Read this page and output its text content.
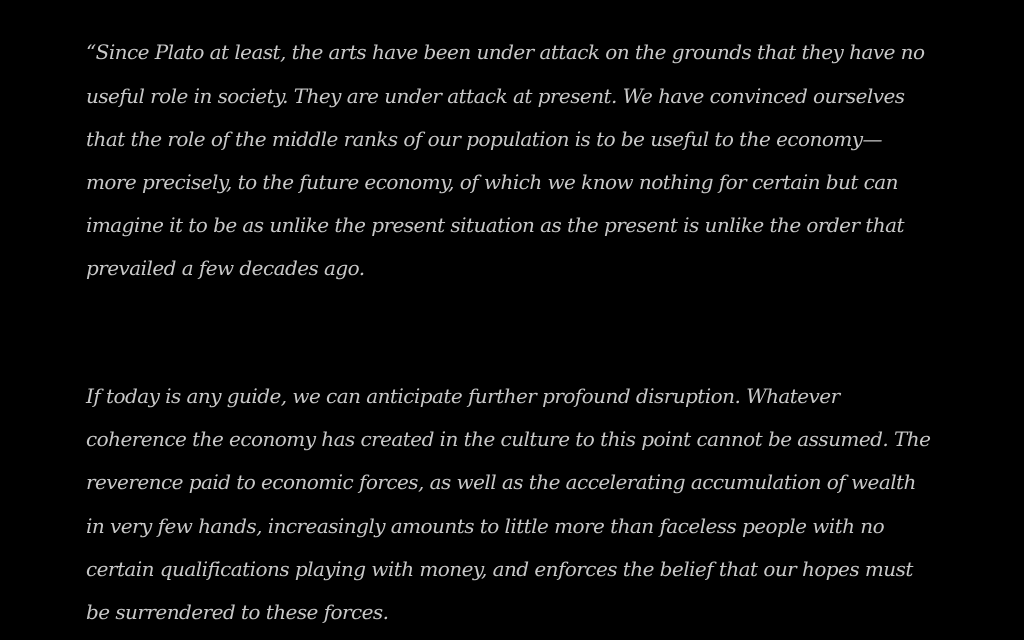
“Since Plato at least, the arts have been under attack on the grounds that they have no

useful role in society. They are under attack at present. We have convinced ourselves

that the role of the middle ranks of our population is to be useful to the economy—

more precisely, to the future economy, of which we know nothing for certain but can

imagine it to be as unlike the present situation as the present is unlike the order that

prevailed a few decades ago.

If today is any guide, we can anticipate further profound disruption. Whatever

coherence the economy has created in the culture to this point cannot be assumed. The

reverence paid to economic forces, as well as the accelerating accumulation of wealth

in very few hands, increasingly amounts to little more than faceless people with no

certain qualifications playing with money, and enforces the belief that our hopes must

be surrendered to these forces.
